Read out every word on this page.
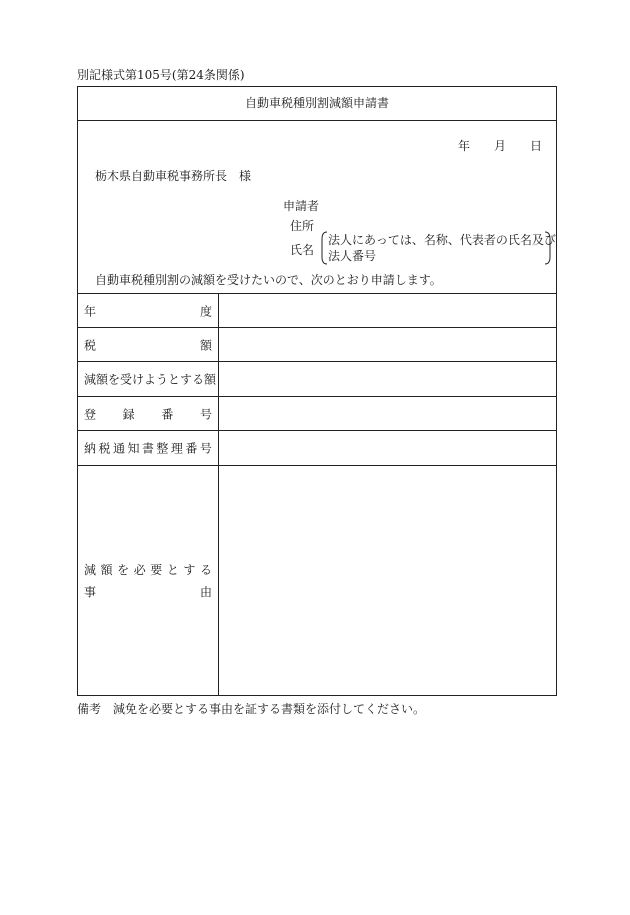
別記様式第105号(第24条関係)
自動車税種別割減額申請書
年 月 日
栃木県自動車税事務所長　様
申請者
住所
氏名
法人にあっては、名称、代表者の氏名及び
法人番号
自動車税種別割の減額を受けたいので、次のとおり申請します。
年	度
税	額
減額を受けようとする額
登 録 番 号
納 税 通 知 書 整 理 番 号
減 額 を 必 要 と す る
事	由
備考　減免を必要とする事由を証する書類を添付してください。
